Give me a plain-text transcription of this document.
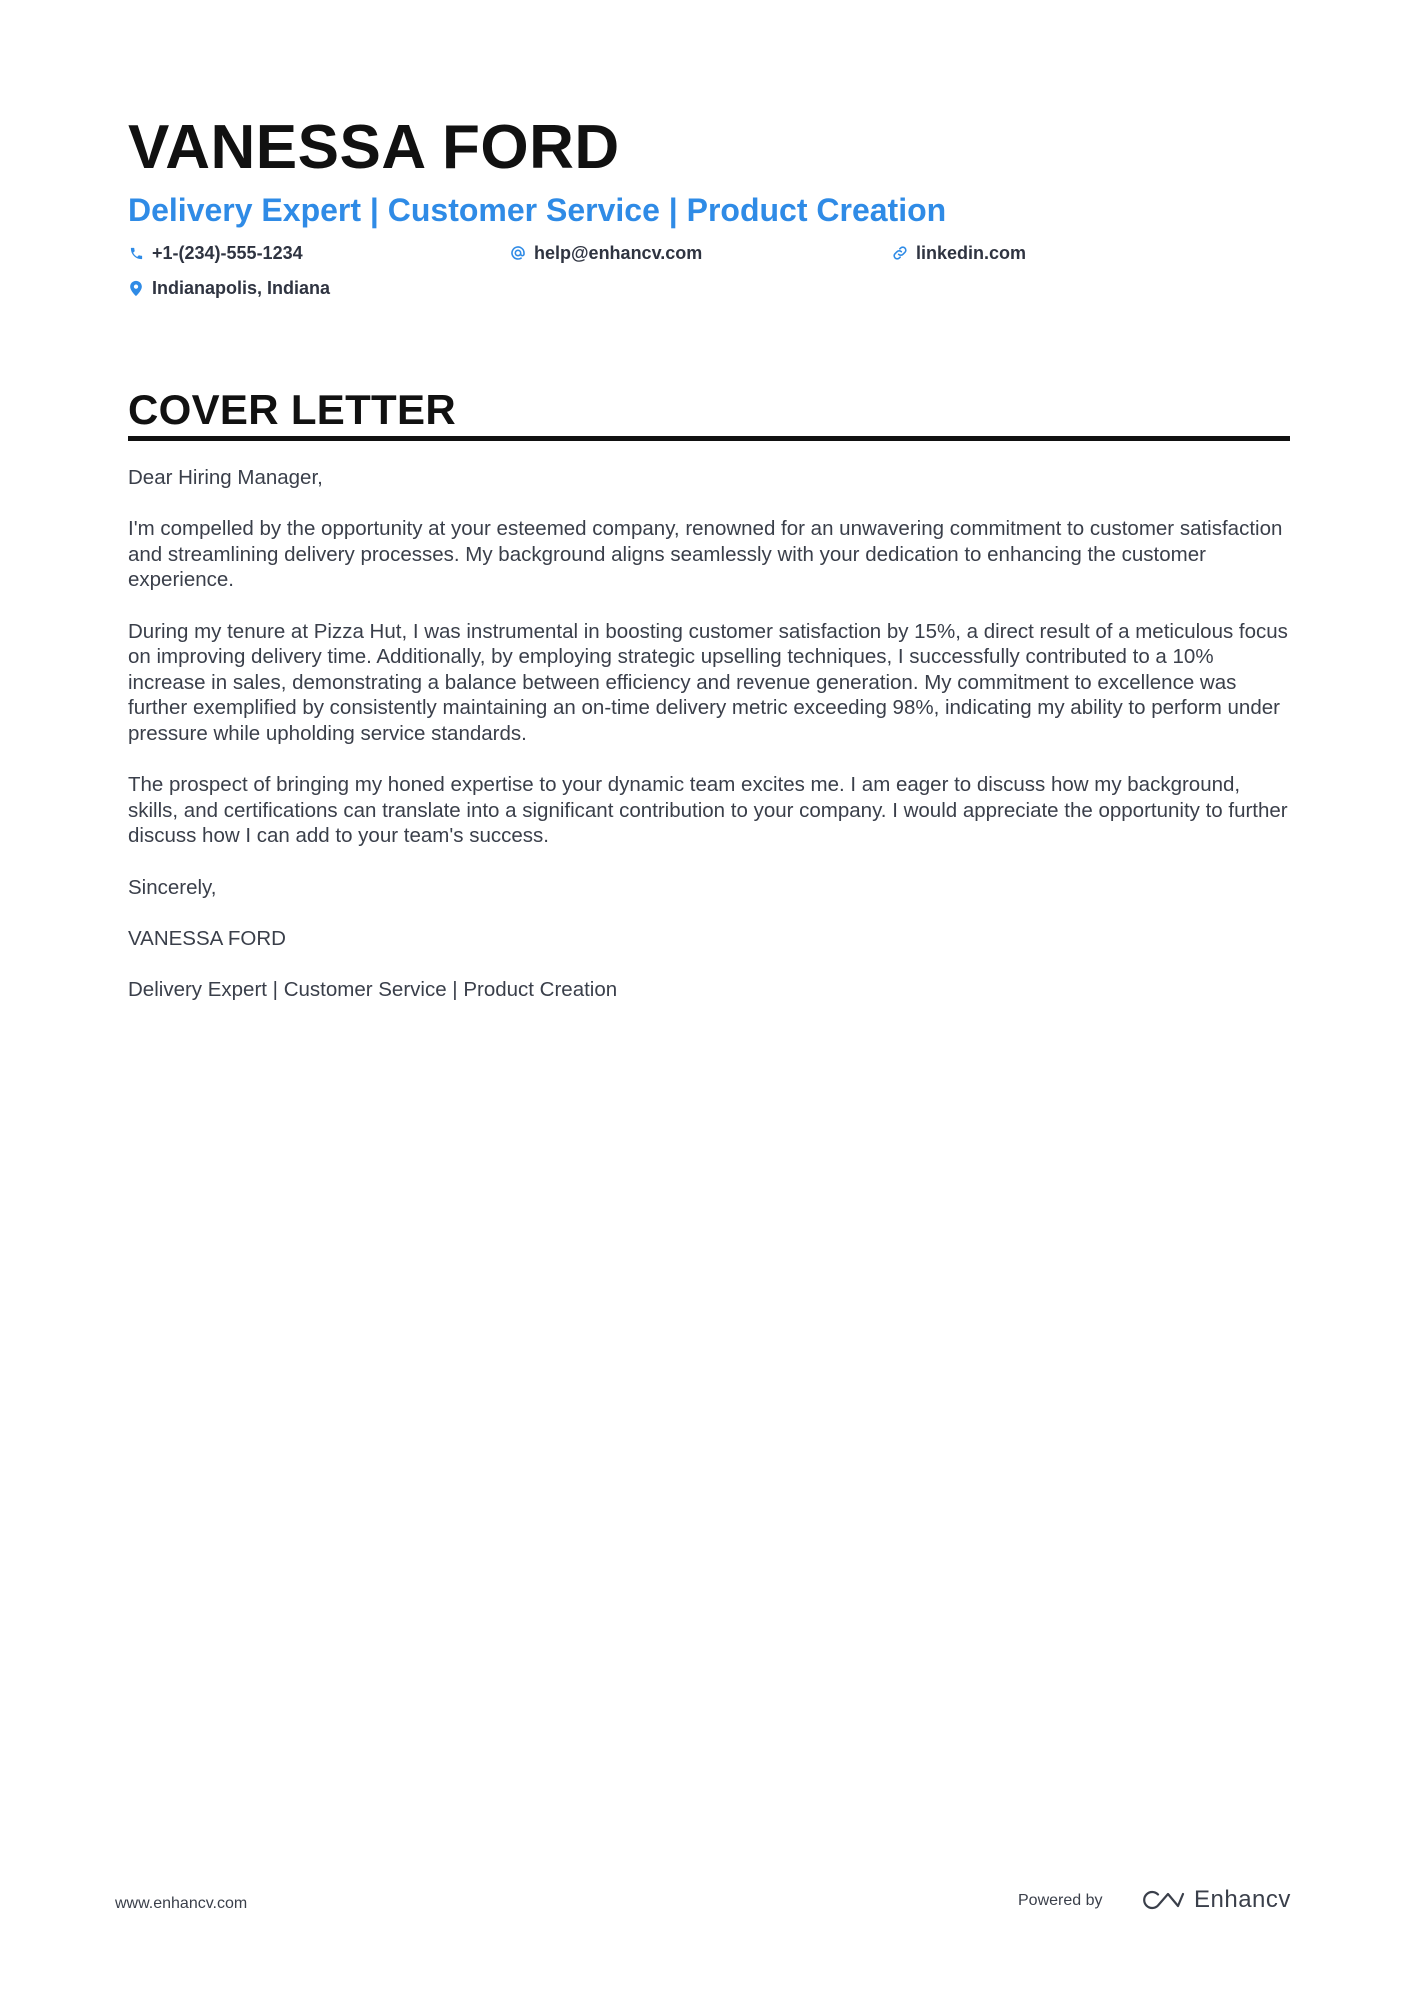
VANESSA FORD
Delivery Expert | Customer Service | Product Creation
+1-(234)-555-1234	help@enhancv.com	linkedin.com
Indianapolis, Indiana
COVER LETTER

Dear Hiring Manager,

I'm compelled by the opportunity at your esteemed company, renowned for an unwavering commitment to customer satisfaction and streamlining delivery processes. My background aligns seamlessly with your dedication to enhancing the customer experience.

During my tenure at Pizza Hut, I was instrumental in boosting customer satisfaction by 15%, a direct result of a meticulous focus on improving delivery time. Additionally, by employing strategic upselling techniques, I successfully contributed to a 10% increase in sales, demonstrating a balance between efficiency and revenue generation. My commitment to excellence was further exemplified by consistently maintaining an on-time delivery metric exceeding 98%, indicating my ability to perform under pressure while upholding service standards.

The prospect of bringing my honed expertise to your dynamic team excites me. I am eager to discuss how my background, skills, and certifications can translate into a significant contribution to your company. I would appreciate the opportunity to further discuss how I can add to your team's success.

Sincerely,

VANESSA FORD

Delivery Expert | Customer Service | Product Creation

www.enhancv.com	Powered by	Enhancv
